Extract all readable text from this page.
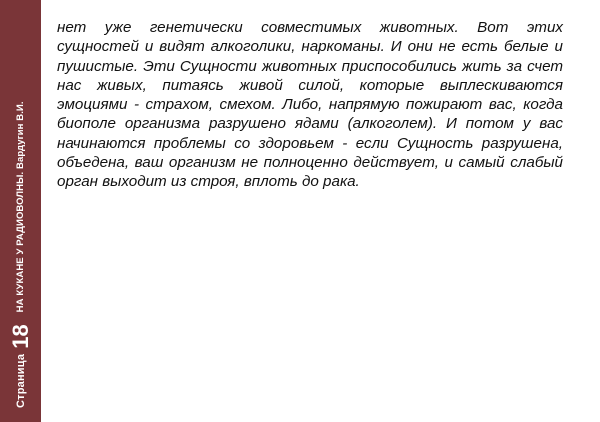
Страница
18
НА КУКАНЕ У РАДИОВОЛНЫ. Вардугин В.И.

нет уже генетически совместимых животных. Вот этих сущностей и видят алкоголики, наркоманы. И они не есть белые и пушистые. Эти Сущности животных приспособились жить за счет нас живых, питаясь живой силой, которые выплескиваются эмоциями - страхом, смехом. Либо, напрямую пожирают вас, когда биополе организма разрушено ядами (алкоголем). И потом у вас начинаются проблемы со здоровьем - если Сущность разрушена, объедена, ваш организм не полноценно действует, и самый слабый орган выходит из строя, вплоть до рака.
